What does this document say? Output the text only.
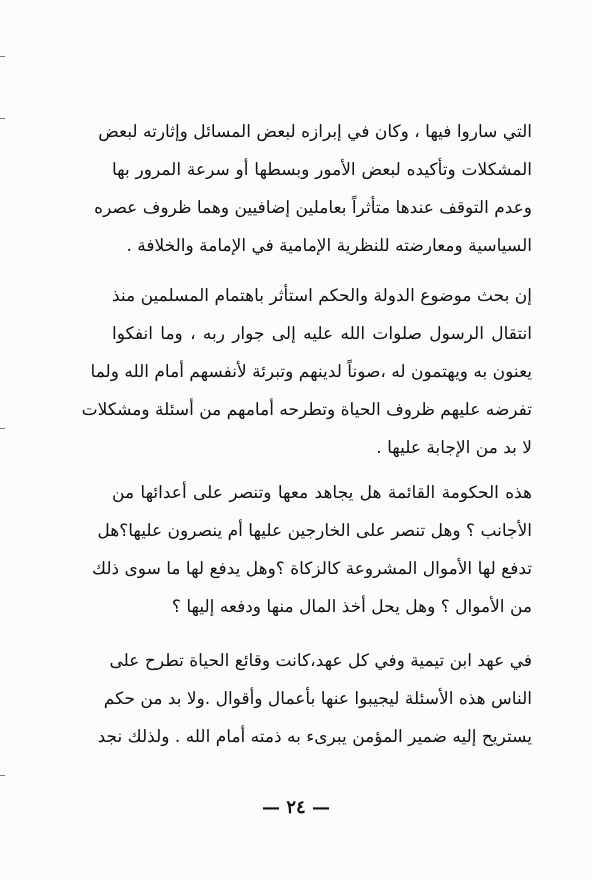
التي ساروا فيها ، وكان في إبرازه لبعض المسائل وإثارته لبعض
المشكلات وتأكيده لبعض الأمور وبسطها أو سرعة المرور بها
وعدم التوقف عندها متأثراً بعاملين إضافيين وهما ظروف عصره
السياسية ومعارضته للنظرية الإمامية في الإمامة والخلافة .
إن بحث موضوع الدولة والحكم استأثر باهتمام المسلمين منذ
انتقال الرسول صلوات الله عليه إلى جوار ربه ، وما انفكوا
يعنون به ويهتمون له ،صوناً لدينهم وتبرئة لأنفسهم أمام الله ولما
تفرضه عليهم ظروف الحياة وتطرحه أمامهم من أسئلة ومشكلات
لا بد من الإجابة عليها .
هذه الحكومة القائمة هل يجاهد معها وتنصر على أعدائها من
الأجانب ؟ وهل تنصر على الخارجين عليها أم ينصرون عليها؟هل
تدفع لها الأموال المشروعة كالزكاة ؟وهل يدفع لها ما سوى ذلك
من الأموال ؟ وهل يحل أخذ المال منها ودفعه إليها ؟
في عهد ابن تيمية وفي كل عهد،كانت وقائع الحياة تطرح على
الناس هذه الأسئلة ليجيبوا عنها بأعمال وأقوال .ولا بد من حكم
يستريح إليه ضمير المؤمن يبرىء به ذمته أمام الله . ولذلك نجد
— ٢٤ —
